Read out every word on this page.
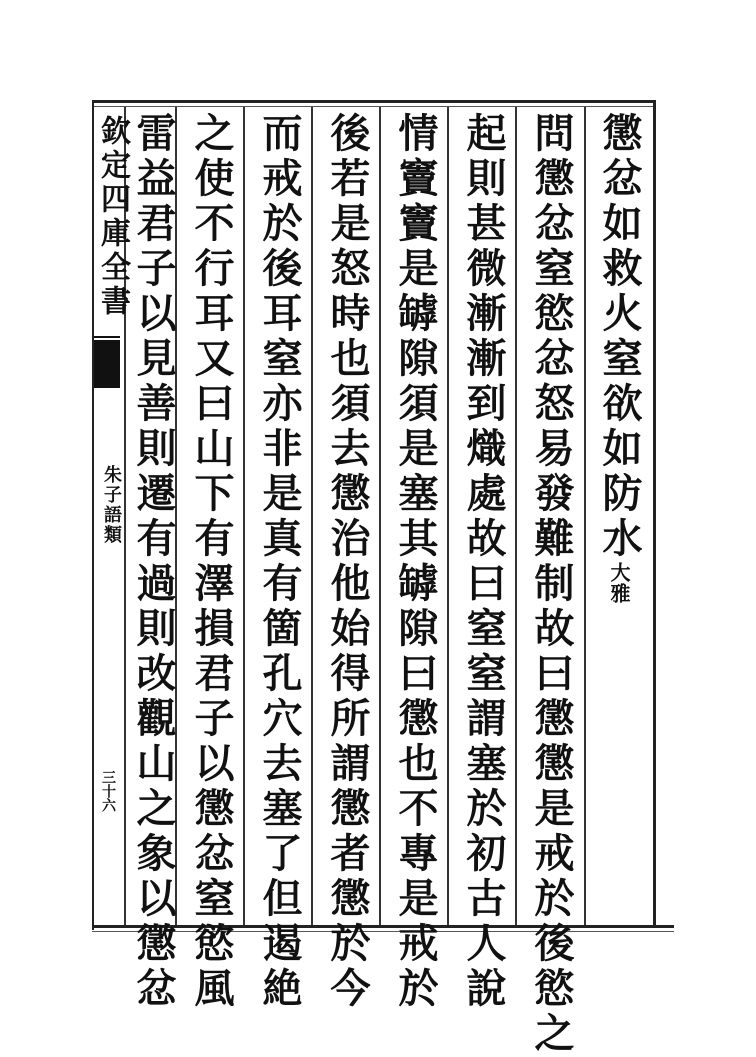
欽定四庫全書
朱子語類
三十六
懲忿如救火窒欲如防水大雅
問懲忿窒慾忿怒易發難制故曰懲懲是戒於後慾之
起則甚微漸漸到熾處故曰窒窒謂塞於初古人說
情竇竇是罅隙須是塞其罅隙曰懲也不專是戒於
後若是怒時也須去懲治他始得所謂懲者懲於今
而戒於後耳窒亦非是真有箇孔穴去塞了但遏絶
之使不行耳又曰山下有澤損君子以懲忿窒慾風
雷益君子以見善則遷有過則改觀山之象以懲忿
